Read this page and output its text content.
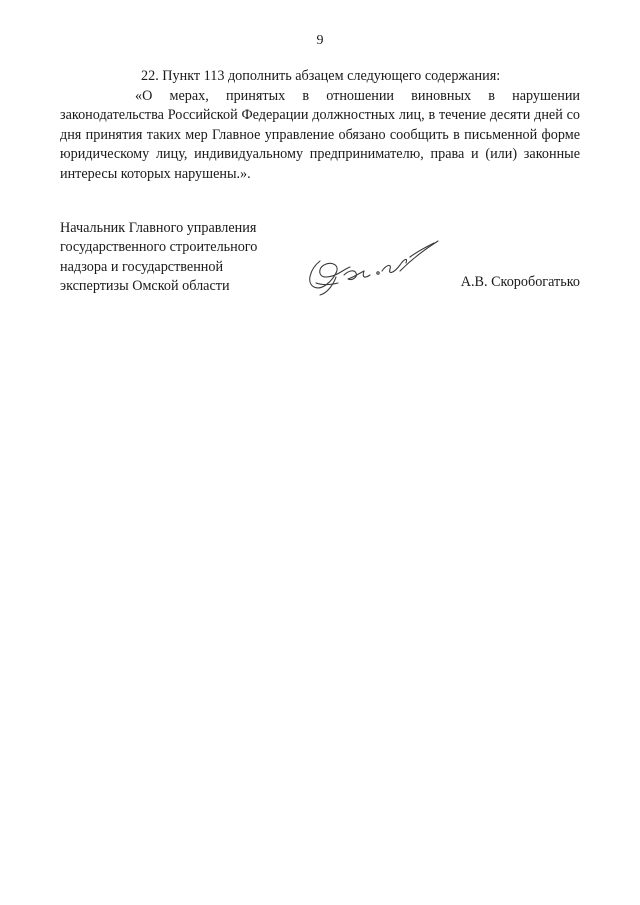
9

22. Пункт 113 дополнить абзацем следующего содержания:

«О мерах, принятых в отношении виновных в нарушении законодательства Российской Федерации должностных лиц, в течение десяти дней со дня принятия таких мер Главное управление обязано сообщить в письменной форме юридическому лицу, индивидуальному предпринимателю, права и (или) законные интересы которых нарушены.».

Начальник Главного управления
государственного строительного
надзора и государственной
экспертизы Омской области	А.В. Скоробогатько
